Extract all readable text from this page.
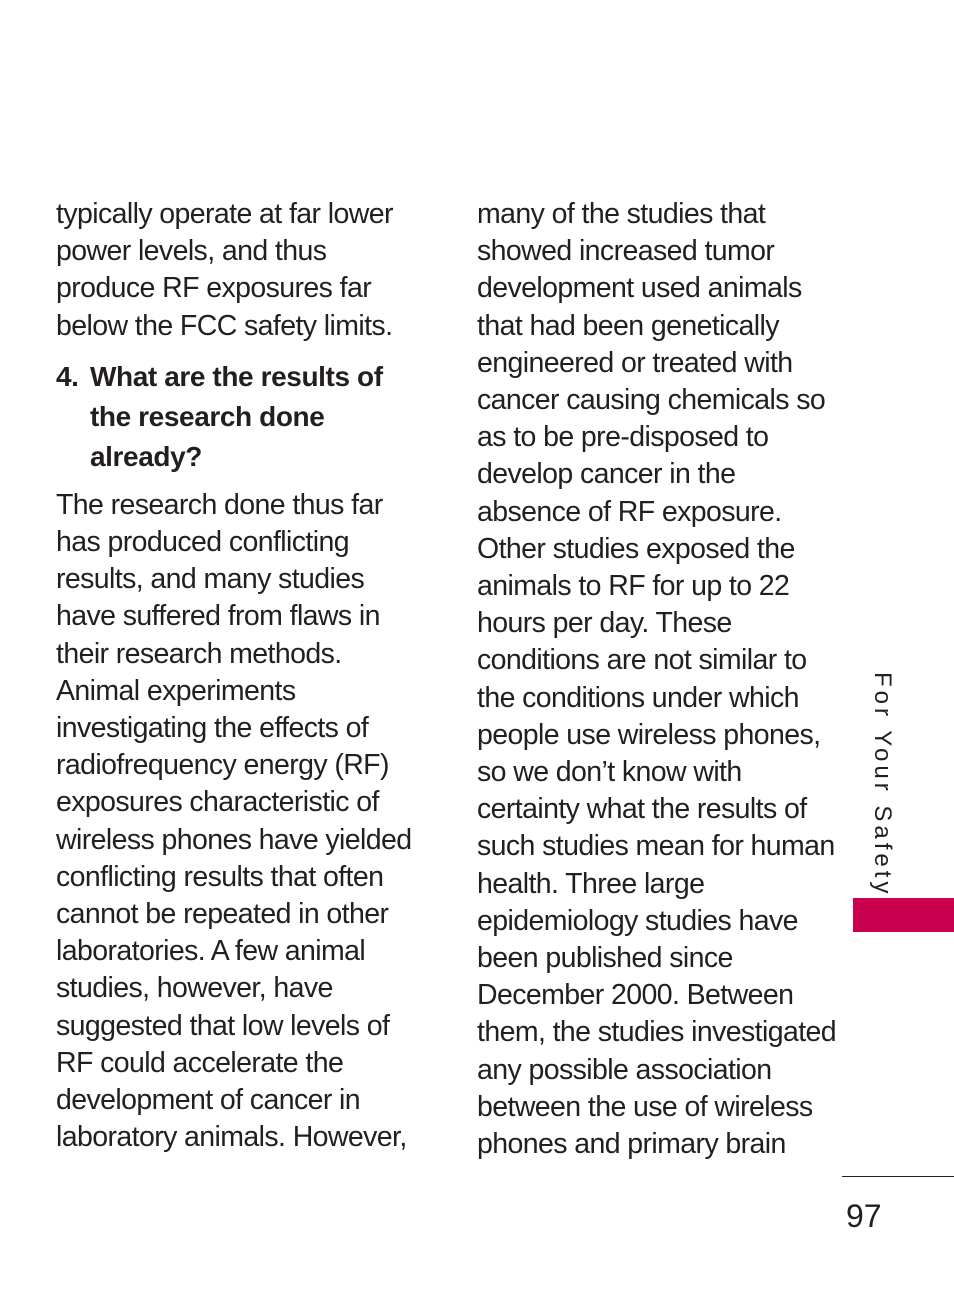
typically operate at far lower
power levels, and thus
produce RF exposures far
below the FCC safety limits.

4. What are the results of
the research done
already?

The research done thus far
has produced conflicting
results, and many studies
have suffered from flaws in
their research methods.
Animal experiments
investigating the effects of
radiofrequency energy (RF)
exposures characteristic of
wireless phones have yielded
conflicting results that often
cannot be repeated in other
laboratories. A few animal
studies, however, have
suggested that low levels of
RF could accelerate the
development of cancer in
laboratory animals. However,

many of the studies that
showed increased tumor
development used animals
that had been genetically
engineered or treated with
cancer causing chemicals so
as to be pre-disposed to
develop cancer in the
absence of RF exposure.
Other studies exposed the
animals to RF for up to 22
hours per day. These
conditions are not similar to
the conditions under which
people use wireless phones,
so we don’t know with
certainty what the results of
such studies mean for human
health. Three large
epidemiology studies have
been published since
December 2000. Between
them, the studies investigated
any possible association
between the use of wireless
phones and primary brain

For Your Safety
97
